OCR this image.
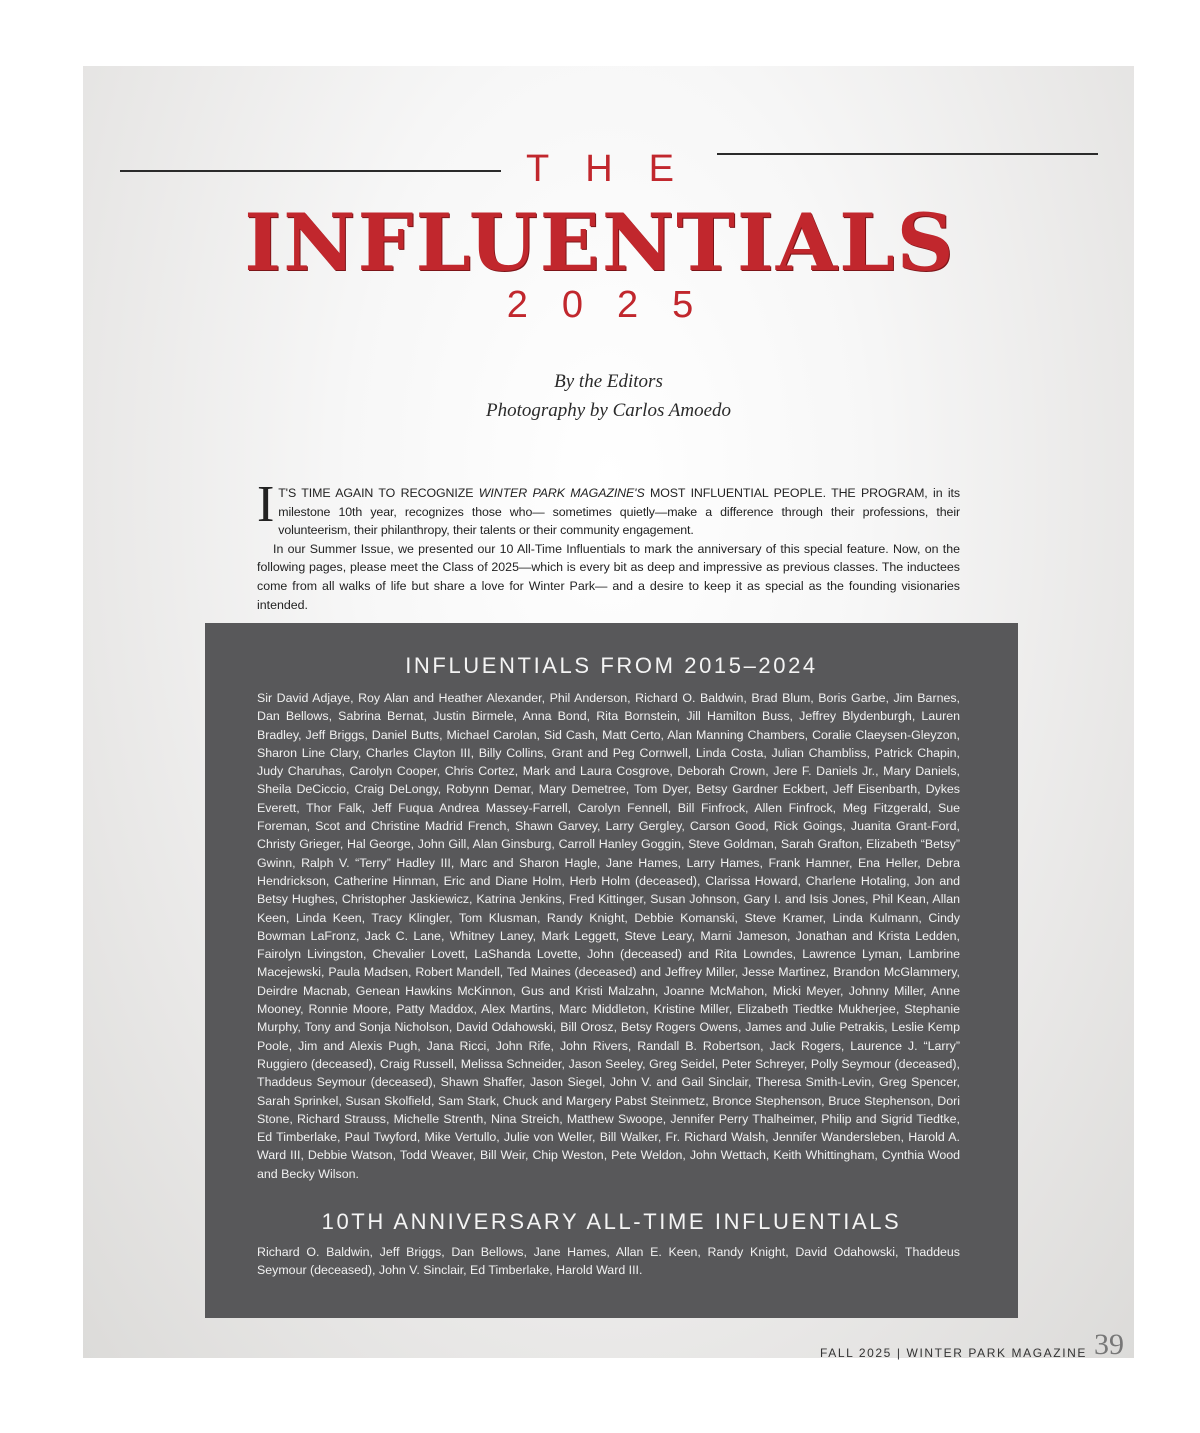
THE
INFLUENTIALS
2025
By the Editors
Photography by Carlos Amoedo

I T'S TIME AGAIN TO RECOGNIZE WINTER PARK MAGAZINE'S MOST INFLUENTIAL PEOPLE. THE PROGRAM, in its milestone 10th year, recognizes those who— sometimes quietly—make a difference through their professions, their volunteerism, their philanthropy, their talents or their community engagement.

In our Summer Issue, we presented our 10 All-Time Influentials to mark the anniversary of this special feature. Now, on the following pages, please meet the Class of 2025—which is every bit as deep and impressive as previous classes. The inductees come from all walks of life but share a love for Winter Park— and a desire to keep it as special as the founding visionaries intended.

INFLUENTIALS FROM 2015–2024
Sir David Adjaye, Roy Alan and Heather Alexander, Phil Anderson, Richard O. Baldwin, Brad Blum, Boris Garbe, Jim Barnes, Dan Bellows, Sabrina Bernat, Justin Birmele, Anna Bond, Rita Bornstein, Jill Hamilton Buss, Jeffrey Blydenburgh, Lauren Bradley, Jeff Briggs, Daniel Butts, Michael Carolan, Sid Cash, Matt Certo, Alan Manning Chambers, Coralie Claeysen-Gleyzon, Sharon Line Clary, Charles Clayton III, Billy Collins, Grant and Peg Cornwell, Linda Costa, Julian Chambliss, Patrick Chapin, Judy Charuhas, Carolyn Cooper, Chris Cortez, Mark and Laura Cosgrove, Deborah Crown, Jere F. Daniels Jr., Mary Daniels, Sheila DeCiccio, Craig DeLongy, Robynn Demar, Mary Demetree, Tom Dyer, Betsy Gardner Eckbert, Jeff Eisenbarth, Dykes Everett, Thor Falk, Jeff Fuqua Andrea Massey-Farrell, Carolyn Fennell, Bill Finfrock, Allen Finfrock, Meg Fitzgerald, Sue Foreman, Scot and Christine Madrid French, Shawn Garvey, Larry Gergley, Carson Good, Rick Goings, Juanita Grant-Ford, Christy Grieger, Hal George, John Gill, Alan Ginsburg, Carroll Hanley Goggin, Steve Goldman, Sarah Grafton, Elizabeth “Betsy” Gwinn, Ralph V. “Terry” Hadley III, Marc and Sharon Hagle, Jane Hames, Larry Hames, Frank Hamner, Ena Heller, Debra Hendrickson, Catherine Hinman, Eric and Diane Holm, Herb Holm (deceased), Clarissa Howard, Charlene Hotaling, Jon and Betsy Hughes, Christopher Jaskiewicz, Katrina Jenkins, Fred Kittinger, Susan Johnson, Gary I. and Isis Jones, Phil Kean, Allan Keen, Linda Keen, Tracy Klingler, Tom Klusman, Randy Knight, Debbie Komanski, Steve Kramer, Linda Kulmann, Cindy Bowman LaFronz, Jack C. Lane, Whitney Laney, Mark Leggett, Steve Leary, Marni Jameson, Jonathan and Krista Ledden, Fairolyn Livingston, Chevalier Lovett, LaShanda Lovette, John (deceased) and Rita Lowndes, Lawrence Lyman, Lambrine Macejewski, Paula Madsen, Robert Mandell, Ted Maines (deceased) and Jeffrey Miller, Jesse Martinez, Brandon McGlammery, Deirdre Macnab, Genean Hawkins McKinnon, Gus and Kristi Malzahn, Joanne McMahon, Micki Meyer, Johnny Miller, Anne Mooney, Ronnie Moore, Patty Maddox, Alex Martins, Marc Middleton, Kristine Miller, Elizabeth Tiedtke Mukherjee, Stephanie Murphy, Tony and Sonja Nicholson, David Odahowski, Bill Orosz, Betsy Rogers Owens, James and Julie Petrakis, Leslie Kemp Poole, Jim and Alexis Pugh, Jana Ricci, John Rife, John Rivers, Randall B. Robertson, Jack Rogers, Laurence J. “Larry” Ruggiero (deceased), Craig Russell, Melissa Schneider, Jason Seeley, Greg Seidel, Peter Schreyer, Polly Seymour (deceased), Thaddeus Seymour (deceased), Shawn Shaffer, Jason Siegel, John V. and Gail Sinclair, Theresa Smith-Levin, Greg Spencer, Sarah Sprinkel, Susan Skolfield, Sam Stark, Chuck and Margery Pabst Steinmetz, Bronce Stephenson, Bruce Stephenson, Dori Stone, Richard Strauss, Michelle Strenth, Nina Streich, Matthew Swoope, Jennifer Perry Thalheimer, Philip and Sigrid Tiedtke, Ed Timberlake, Paul Twyford, Mike Vertullo, Julie von Weller, Bill Walker, Fr. Richard Walsh, Jennifer Wandersleben, Harold A. Ward III, Debbie Watson, Todd Weaver, Bill Weir, Chip Weston, Pete Weldon, John Wettach, Keith Whittingham, Cynthia Wood and Becky Wilson.
10TH ANNIVERSARY ALL-TIME INFLUENTIALS
Richard O. Baldwin, Jeff Briggs, Dan Bellows, Jane Hames, Allan E. Keen, Randy Knight, David Odahowski, Thaddeus Seymour (deceased), John V. Sinclair, Ed Timberlake, Harold Ward III.
FALL 2025 | WINTER PARK MAGAZINE 39
